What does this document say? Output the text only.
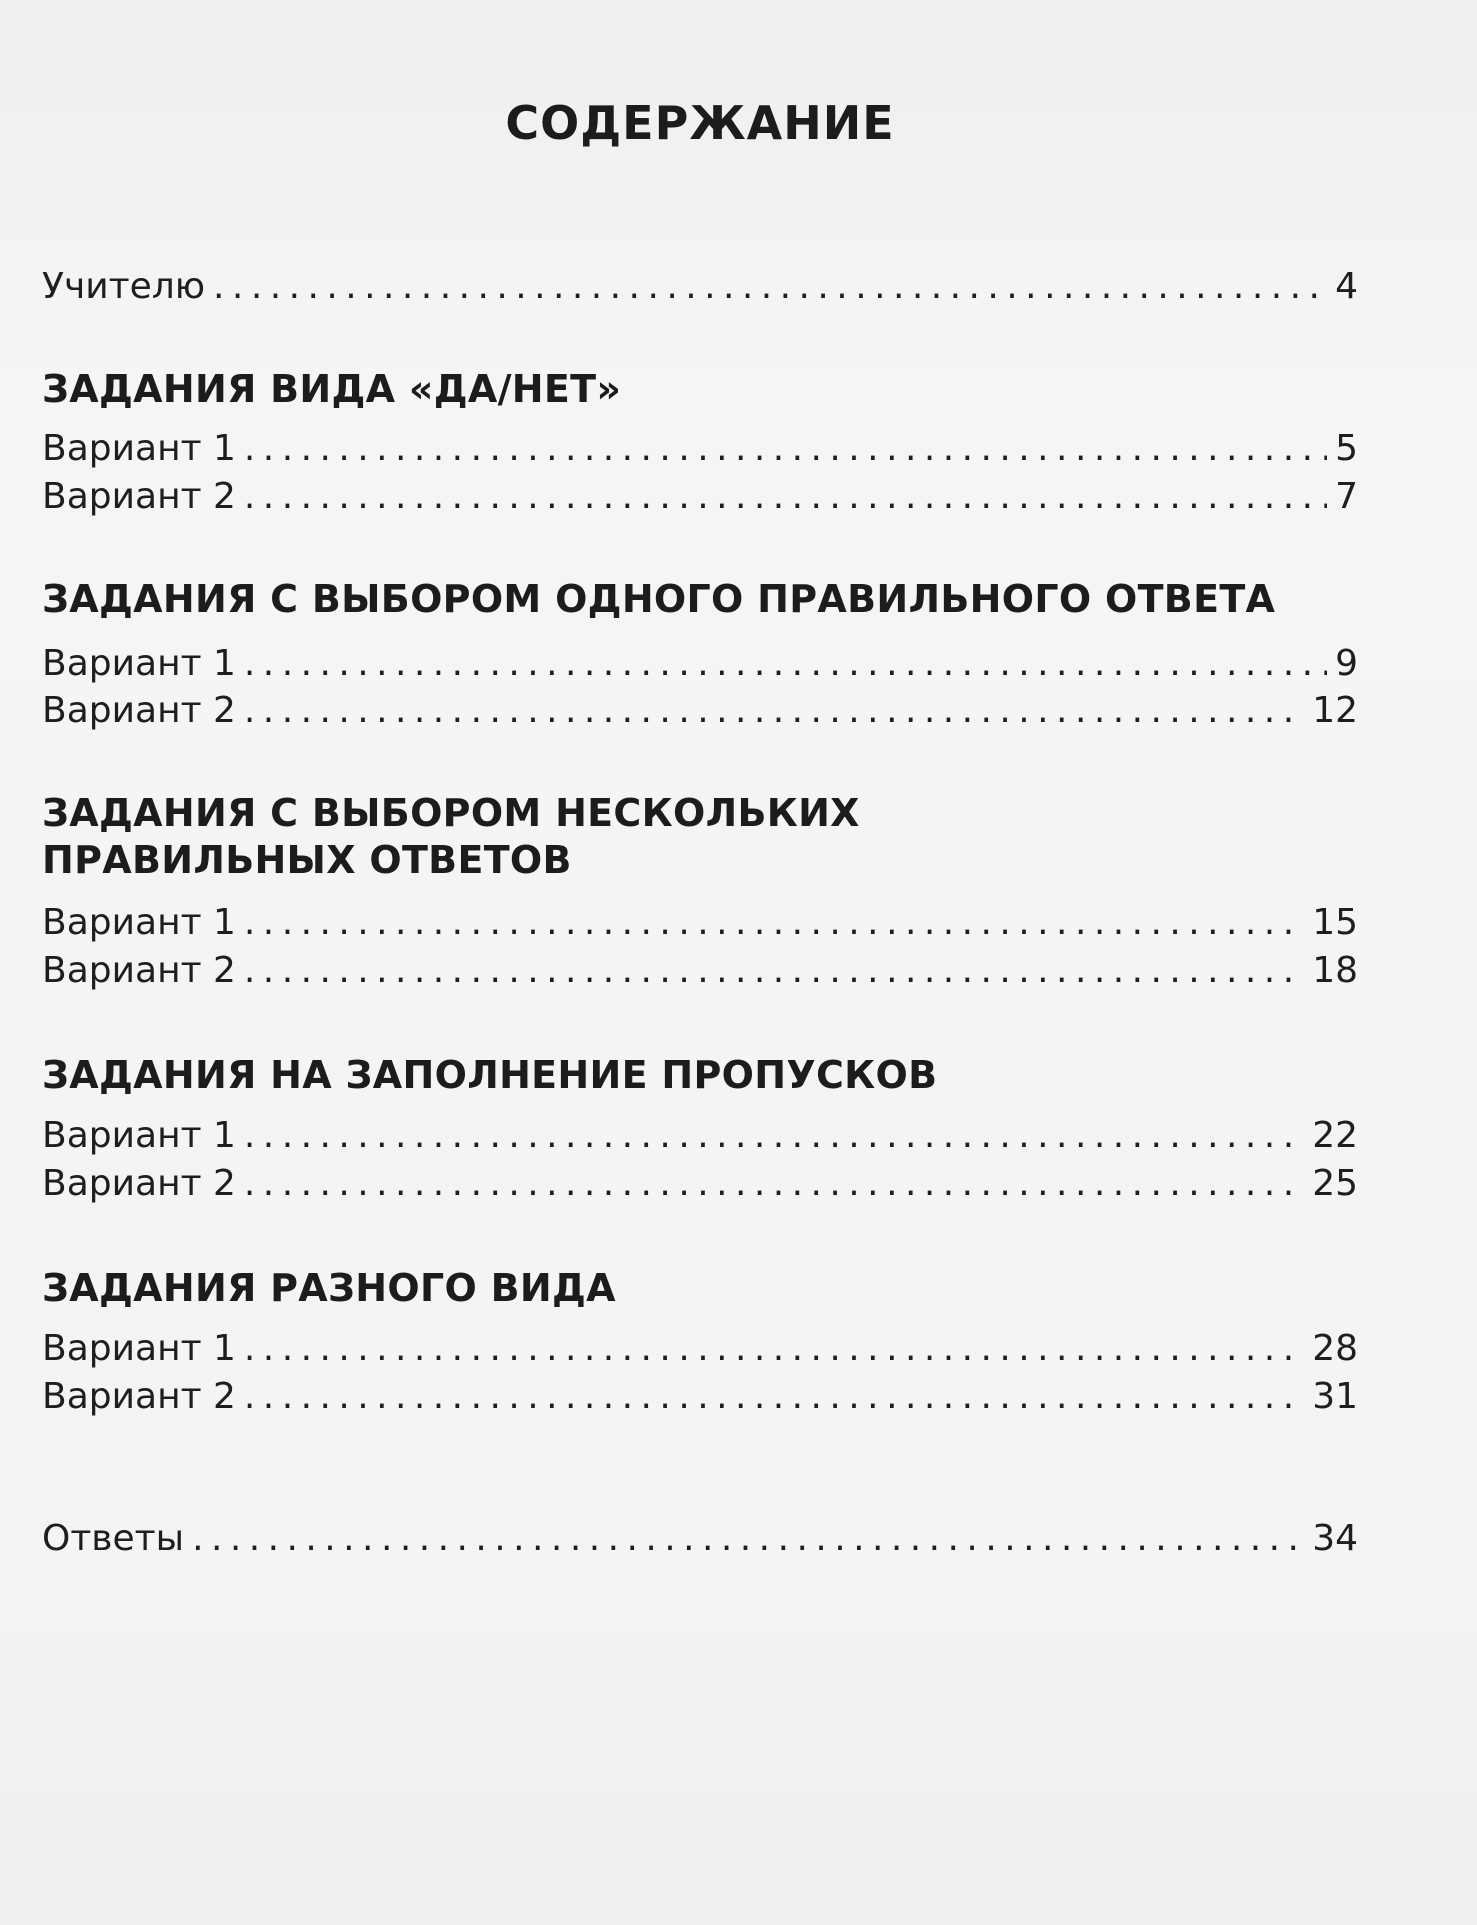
СОДЕРЖАНИЕ
Учителю . . .	4
ЗАДАНИЯ ВИДА «ДА/НЕТ»
Вариант 1 . . .	5
Вариант 2 . . .	7
ЗАДАНИЯ С ВЫБОРОМ ОДНОГО ПРАВИЛЬНОГО ОТВЕТА
Вариант 1 . . .	9
Вариант 2 . . .	12
ЗАДАНИЯ С ВЫБОРОМ НЕСКОЛЬКИХ
ПРАВИЛЬНЫХ ОТВЕТОВ
Вариант 1 . . .	15
Вариант 2 . . .	18
ЗАДАНИЯ НА ЗАПОЛНЕНИЕ ПРОПУСКОВ
Вариант 1 . . .	22
Вариант 2 . . .	25
ЗАДАНИЯ РАЗНОГО ВИДА
Вариант 1 . . .	28
Вариант 2 . . .	31
Ответы . . .	34
